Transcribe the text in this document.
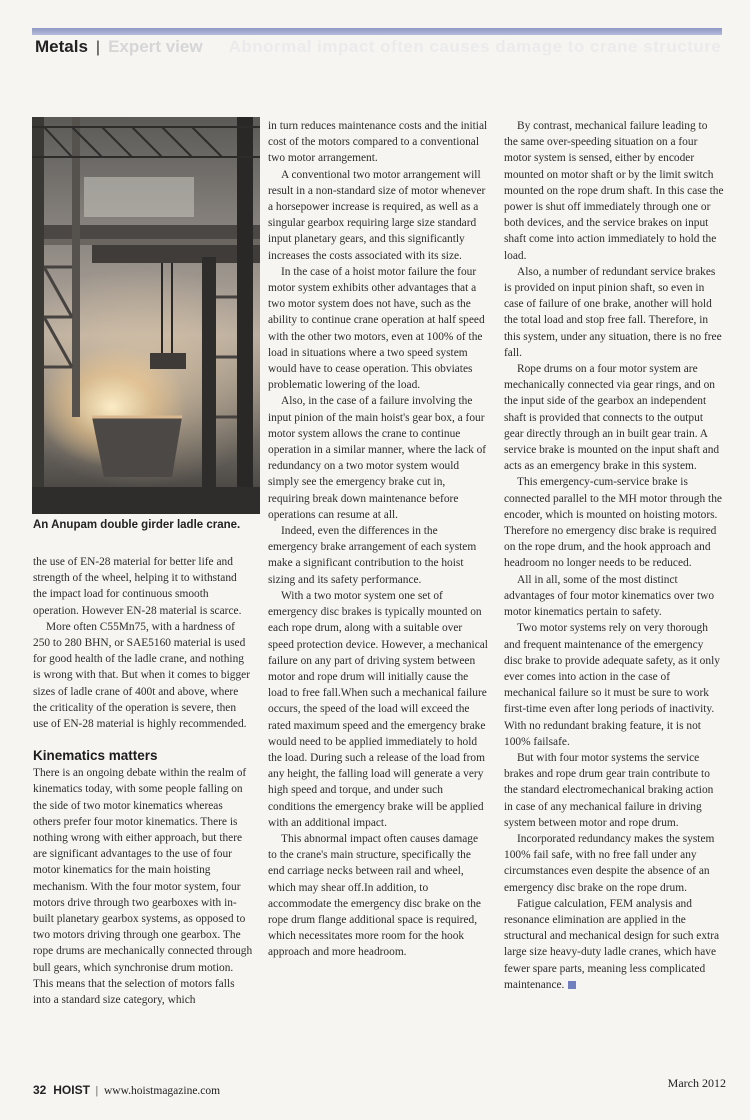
Metals | Expert view Abnormal impact often causes damage to crane structure
An Anupam double girder ladle crane.

the use of EN-28 material for better life and strength of the wheel, helping it to withstand the impact load for continuous smooth operation. However EN-28 material is scarce.

More often C55Mn75, with a hardness of 250 to 280 BHN, or SAE5160 material is used for good health of the ladle crane, and nothing is wrong with that. But when it comes to bigger sizes of ladle crane of 400t and above, where the criticality of the operation is severe, then use of EN-28 material is highly recommended.

Kinematics matters

There is an ongoing debate within the realm of kinematics today, with some people falling on the side of two motor kinematics whereas others prefer four motor kinematics. There is nothing wrong with either approach, but there are significant advantages to the use of four motor kinematics for the main hoisting mechanism. With the four motor system, four motors drive through two gearboxes with in-built planetary gearbox systems, as opposed to two motors driving through one gearbox. The rope drums are mechanically connected through bull gears, which synchronise drum motion. This means that the selection of motors falls into a standard size category, which

in turn reduces maintenance costs and the initial cost of the motors compared to a conventional two motor arrangement.

A conventional two motor arrangement will result in a non-standard size of motor whenever a horsepower increase is required, as well as a singular gearbox requiring large size standard input planetary gears, and this significantly increases the costs associated with its size.

In the case of a hoist motor failure the four motor system exhibits other advantages that a two motor system does not have, such as the ability to continue crane operation at half speed with the other two motors, even at 100% of the load in situations where a two speed system would have to cease operation. This obviates problematic lowering of the load.

Also, in the case of a failure involving the input pinion of the main hoist's gear box, a four motor system allows the crane to continue operation in a similar manner, where the lack of redundancy on a two motor system would simply see the emergency brake cut in, requiring break down maintenance before operations can resume at all.

Indeed, even the differences in the emergency brake arrangement of each system make a significant contribution to the hoist sizing and its safety performance.

With a two motor system one set of emergency disc brakes is typically mounted on each rope drum, along with a suitable over speed protection device. However, a mechanical failure on any part of driving system between motor and rope drum will initially cause the load to free fall.When such a mechanical failure occurs, the speed of the load will exceed the rated maximum speed and the emergency brake would need to be applied immediately to hold the load. During such a release of the load from any height, the falling load will generate a very high speed and torque, and under such conditions the emergency brake will be applied with an additional impact.

This abnormal impact often causes damage to the crane's main structure, specifically the end carriage necks between rail and wheel, which may shear off.In addition, to accommodate the emergency disc brake on the rope drum flange additional space is required, which necessitates more room for the hook approach and more headroom.

By contrast, mechanical failure leading to the same over-speeding situation on a four motor system is sensed, either by encoder mounted on motor shaft or by the limit switch mounted on the rope drum shaft. In this case the power is shut off immediately through one or both devices, and the service brakes on input shaft come into action immediately to hold the load.

Also, a number of redundant service brakes is provided on input pinion shaft, so even in case of failure of one brake, another will hold the total load and stop free fall. Therefore, in this system, under any situation, there is no free fall.

Rope drums on a four motor system are mechanically connected via gear rings, and on the input side of the gearbox an independent shaft is provided that connects to the output gear directly through an in built gear train. A service brake is mounted on the input shaft and acts as an emergency brake in this system.

This emergency-cum-service brake is connected parallel to the MH motor through the encoder, which is mounted on hoisting motors. Therefore no emergency disc brake is required on the rope drum, and the hook approach and headroom no longer needs to be reduced.

All in all, some of the most distinct advantages of four motor kinematics over two motor kinematics pertain to safety.

Two motor systems rely on very thorough and frequent maintenance of the emergency disc brake to provide adequate safety, as it only ever comes into action in the case of mechanical failure so it must be sure to work first-time even after long periods of inactivity. With no redundant braking feature, it is not 100% failsafe.

But with four motor systems the service brakes and rope drum gear train contribute to the standard electromechanical braking action in case of any mechanical failure in driving system between motor and rope drum.

Incorporated redundancy makes the system 100% fail safe, with no free fall under any circumstances even despite the absence of an emergency disc brake on the rope drum.

Fatigue calculation, FEM analysis and resonance elimination are applied in the structural and mechanical design for such extra large size heavy-duty ladle cranes, which have fewer spare parts, meaning less complicated maintenance.

32 HOIST | www.hoistmagazine.com
March 2012
